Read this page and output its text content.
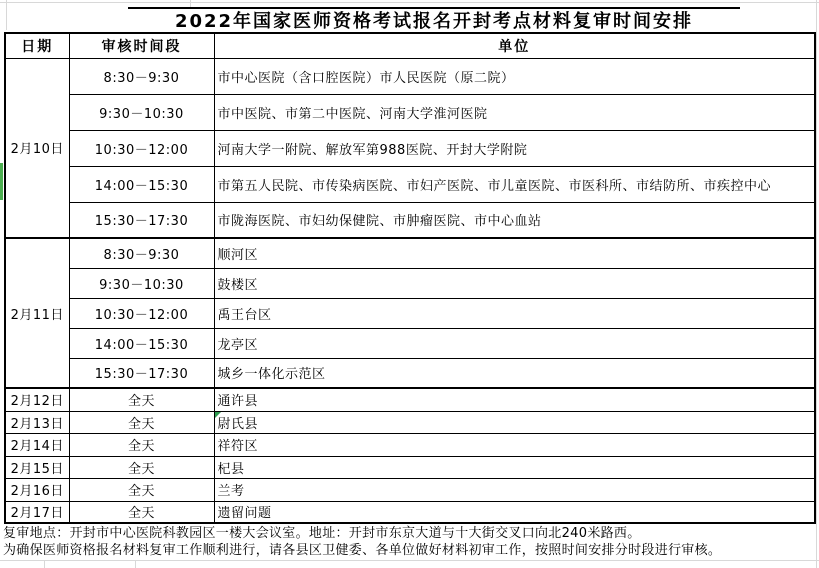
2022年国家医师资格考试报名开封考点材料复审时间安排
日期	审核时间段	单位
2月10日	8:30－9:30	市中心医院（含口腔医院）市人民医院（原二院）
	9:30－10:30	市中医院、市第二中医院、河南大学淮河医院
	10:30－12:00	河南大学一附院、解放军第988医院、开封大学附院
	14:00－15:30	市第五人民院、市传染病医院、市妇产医院、市儿童医院、市医科所、市结防所、市疾控中心
	15:30－17:30	市陇海医院、市妇幼保健院、市肿瘤医院、市中心血站
2月11日	8:30－9:30	顺河区
	9:30－10:30	鼓楼区
	10:30－12:00	禹王台区
	14:00－15:30	龙亭区
	15:30－17:30	城乡一体化示范区
2月12日	全天	通许县
2月13日	全天	尉氏县

2月14日	全天	祥符区
2月15日	全天	杞县
2月16日	全天	兰考
2月17日	全天	遗留问题
复审地点：开封市中心医院科教园区一楼大会议室。地址：开封市东京大道与十大街交叉口向北240米路西。
为确保医师资格报名材料复审工作顺利进行，请各县区卫健委、各单位做好材料初审工作，按照时间安排分时段进行审核。
